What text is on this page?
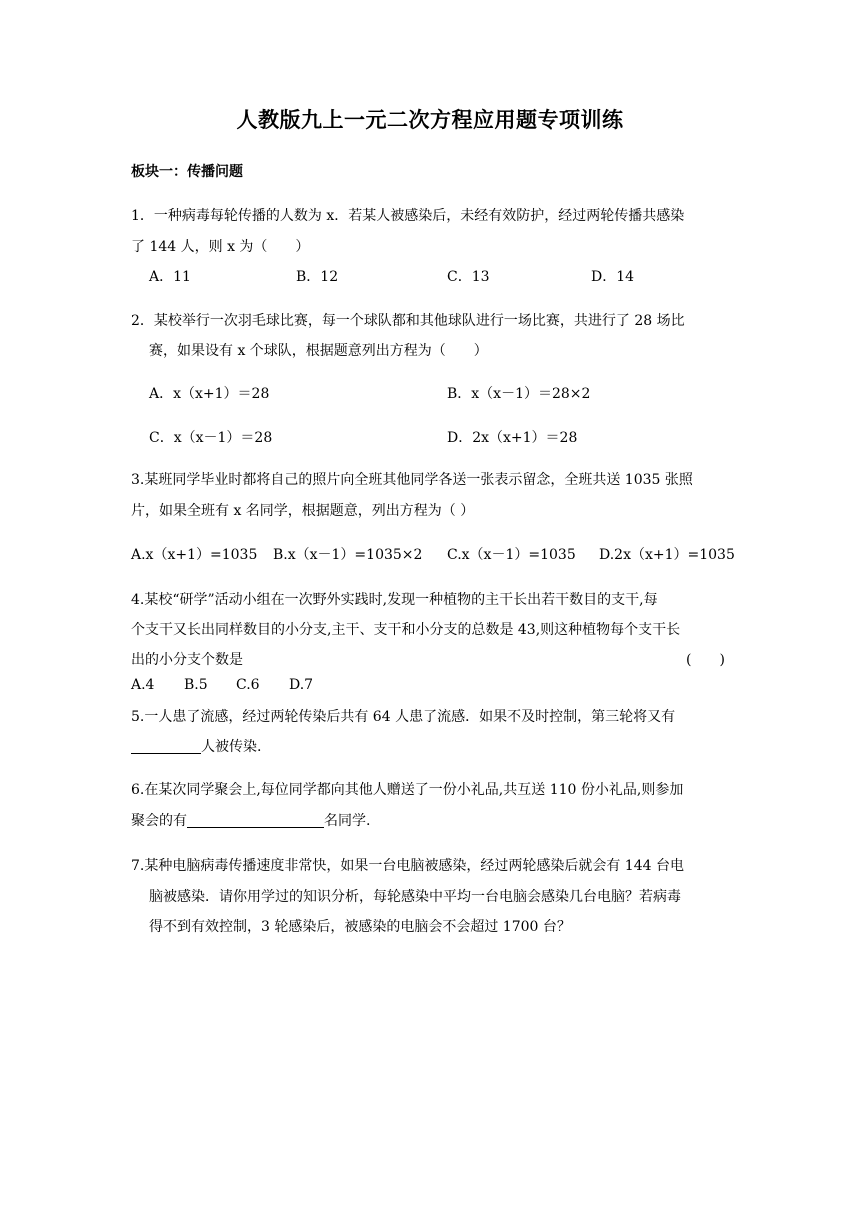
人教版九上一元二次方程应用题专项训练
板块一：传播问题
1．一种病毒每轮传播的人数为 x．若某人被感染后，未经有效防护，经过两轮传播共感染
了 144 人，则 x 为（　　）
A．11	B．12	C．13	D．14
2．某校举行一次羽毛球比赛，每一个球队都和其他球队进行一场比赛，共进行了 28 场比
赛，如果设有 x 个球队，根据题意列出方程为（　　）
A．x（x+1）＝28	B．x（x－1）＝28×2
C．x（x－1）＝28	D．2x（x+1）＝28
3.某班同学毕业时都将自己的照片向全班其他同学各送一张表示留念，全班共送 1035 张照
片，如果全班有 x 名同学，根据题意，列出方程为（ ）
A.x（x+1）=1035 B.x（x－1）=1035×2 C.x（x－1）=1035 D.2x（x+1）=1035
4.某校“研学”活动小组在一次野外实践时,发现一种植物的主干长出若干数目的支干,每
个支干又长出同样数目的小分支,主干、支干和小分支的总数是 43,则这种植物每个支干长
出的小分支个数是	(　　)
A.4 B.5 C.6 D.7
5.一人患了流感，经过两轮传染后共有 64 人患了流感．如果不及时控制，第三轮将又有
人被传染.
6.在某次同学聚会上,每位同学都向其他人赠送了一份小礼品,共互送 110 份小礼品,则参加
聚会的有	名同学.
7.某种电脑病毒传播速度非常快，如果一台电脑被感染，经过两轮感染后就会有 144 台电
脑被感染．请你用学过的知识分析，每轮感染中平均一台电脑会感染几台电脑？若病毒
得不到有效控制，3 轮感染后，被感染的电脑会不会超过 1700 台？
